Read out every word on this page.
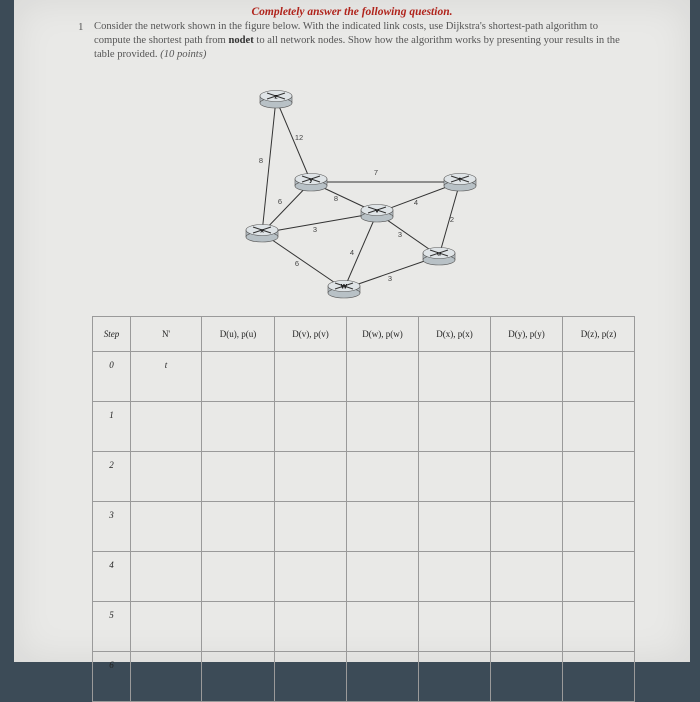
Completely answer the following question.
1 Consider the network shown in the figure below. With the indicated link costs, use Dijkstra's shortest-path algorithm to compute the shortest path from nodet to all network nodes. Show how the algorithm works by presenting your results in the table provided. (10 points)
12
8
7
6	8
3
6
4
4
3
2
3
z
y	t
v
x
u
W
Step	N'	D(u), p(u)	D(v), p(v)	D(w), p(w)	D(x), p(x)	D(y), p(y)	D(z), p(z)
0	t						
1							
2							
3							
4							
5							
6							
